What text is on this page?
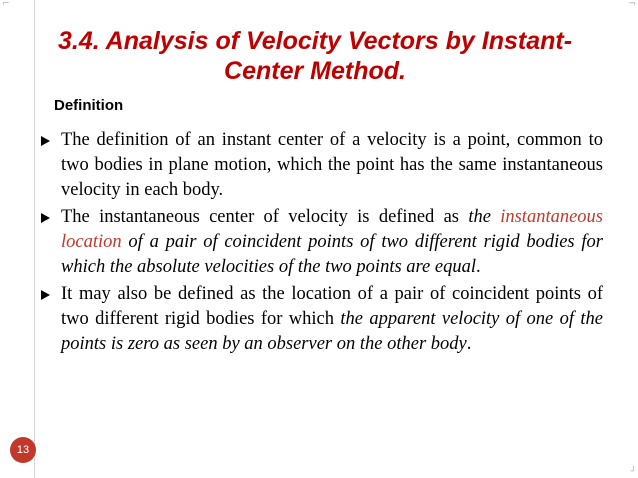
⌐	¬
┘
3.4. Analysis of Velocity Vectors by Instant-Center Method.
Definition

The definition of an instant center of a velocity is a point, common to two bodies in plane motion, which the point has the same instantaneous velocity in each body.

The instantaneous center of velocity is defined as the instantaneous location of a pair of coincident points of two different rigid bodies for which the absolute velocities of the two points are equal.

It may also be defined as the location of a pair of coincident points of two different rigid bodies for which the apparent velocity of one of the points is zero as seen by an observer on the other body.

13
